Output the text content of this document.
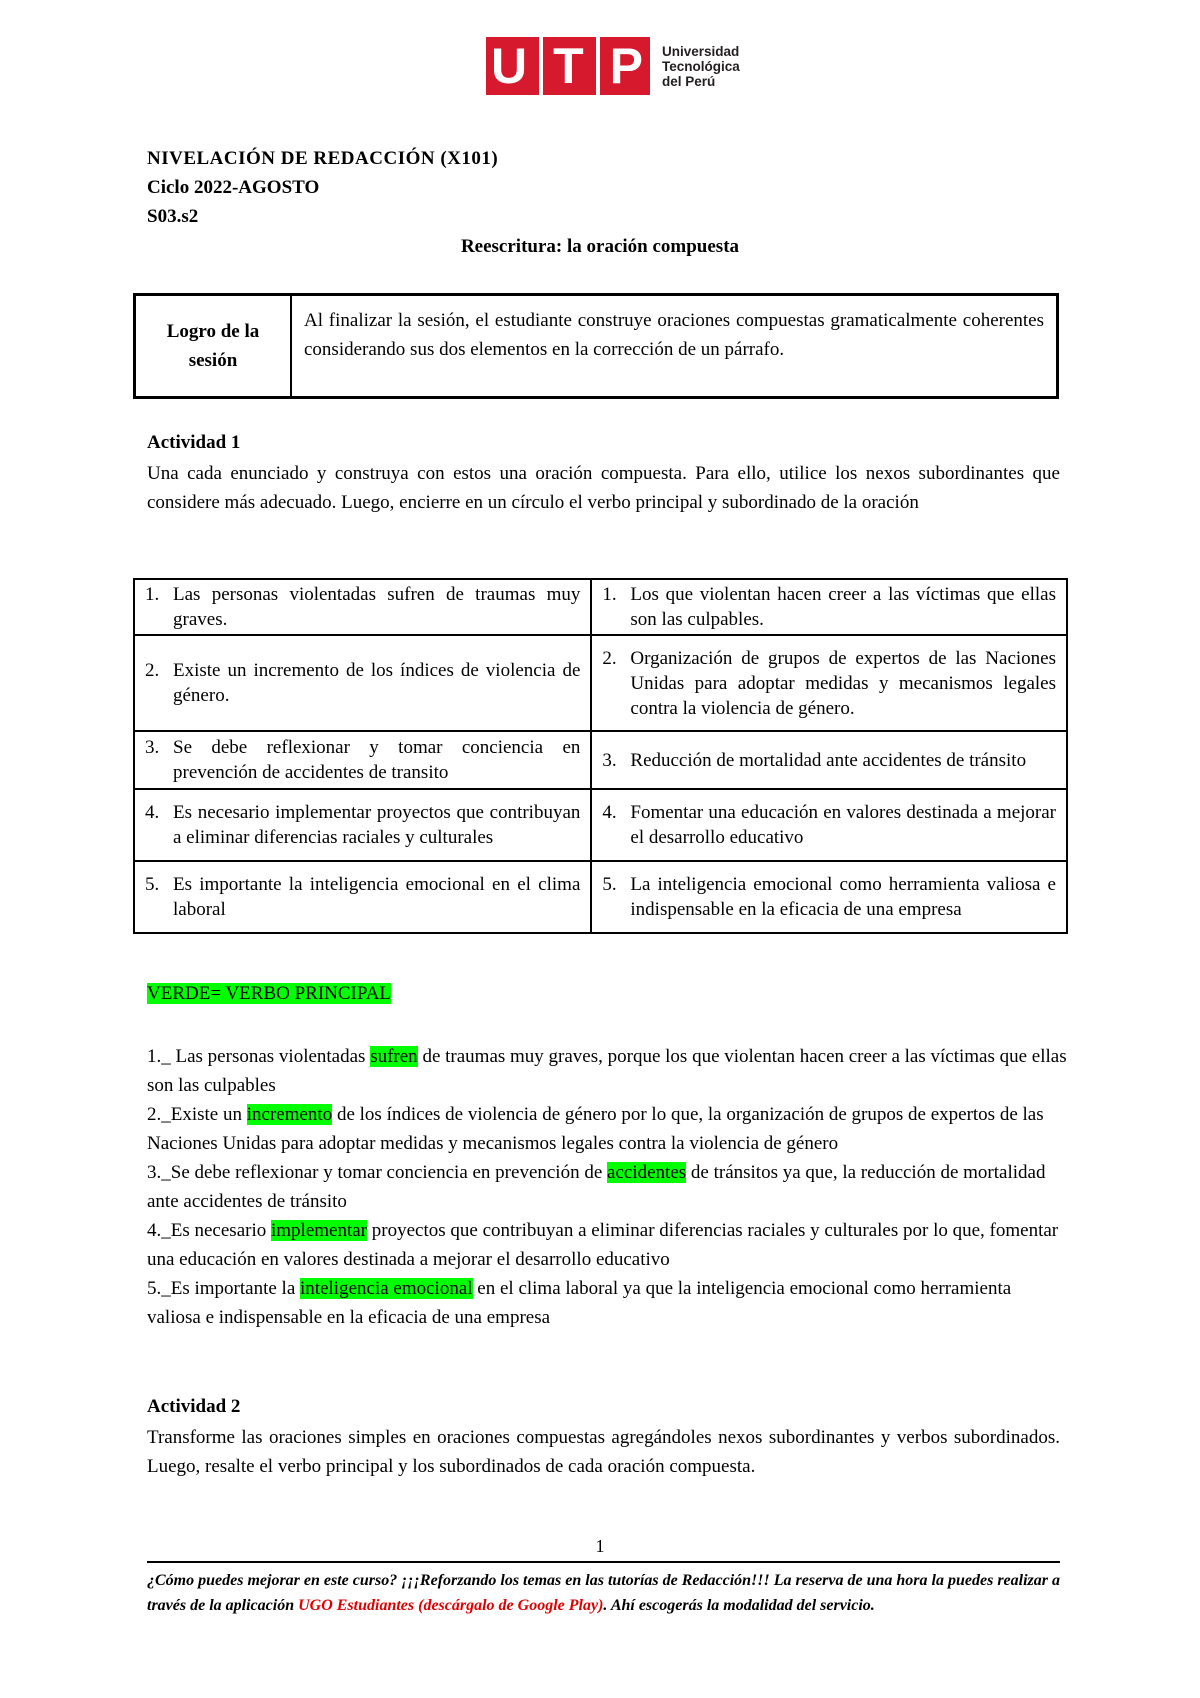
U T P Universidad
Tecnológica
del Perú
NIVELACIÓN DE REDACCIÓN (X101)
Ciclo 2022-AGOSTO
S03.s2
Reescritura: la oración compuesta
Logro de la
sesión
Al finalizar la sesión, el estudiante construye oraciones compuestas gramaticalmente coherentes considerando sus dos elementos en la corrección de un párrafo.
Actividad 1
Una cada enunciado y construya con estos una oración compuesta. Para ello, utilice los nexos subordinantes que considere más adecuado. Luego, encierre en un círculo el verbo principal y subordinado de la oración
1. Las personas violentadas sufren de traumas muy graves.	1. Los que violentan hacen creer a las víctimas que ellas son las culpables.

2. Existe un incremento de los índices de violencia de género.	2. Organización de grupos de expertos de las Naciones Unidas para adoptar medidas y mecanismos legales contra la violencia de género.

3. Se debe reflexionar y tomar conciencia en prevención de accidentes de transito	3. Reducción de mortalidad ante accidentes de tránsito

4. Es necesario implementar proyectos que contribuyan a eliminar diferencias raciales y culturales	4. Fomentar una educación en valores destinada a mejorar el desarrollo educativo

5. Es importante la inteligencia emocional en el clima laboral	5. La inteligencia emocional como herramienta valiosa e indispensable en la eficacia de una empresa
VERDE= VERBO PRINCIPAL

1._ Las personas violentadas sufren de traumas muy graves, porque los que violentan hacen creer a las víctimas que ellas son las culpables

2._Existe un incremento de los índices de violencia de género por lo que, la organización de grupos de expertos de las Naciones Unidas para adoptar medidas y mecanismos legales contra la violencia de género

3._Se debe reflexionar y tomar conciencia en prevención de accidentes de tránsitos ya que, la reducción de mortalidad ante accidentes de tránsito

4._Es necesario implementar proyectos que contribuyan a eliminar diferencias raciales y culturales por lo que, fomentar una educación en valores destinada a mejorar el desarrollo educativo

5._Es importante la inteligencia emocional en el clima laboral ya que la inteligencia emocional como herramienta valiosa e indispensable en la eficacia de una empresa

Actividad 2
Transforme las oraciones simples en oraciones compuestas agregándoles nexos subordinantes y verbos subordinados. Luego, resalte el verbo principal y los subordinados de cada oración compuesta.
1
¿Cómo puedes mejorar en este curso? ¡¡¡Reforzando los temas en las tutorías de Redacción!!! La reserva de una hora la puedes realizar a través de la aplicación UGO Estudiantes (descárgalo de Google Play). Ahí escogerás la modalidad del servicio.
